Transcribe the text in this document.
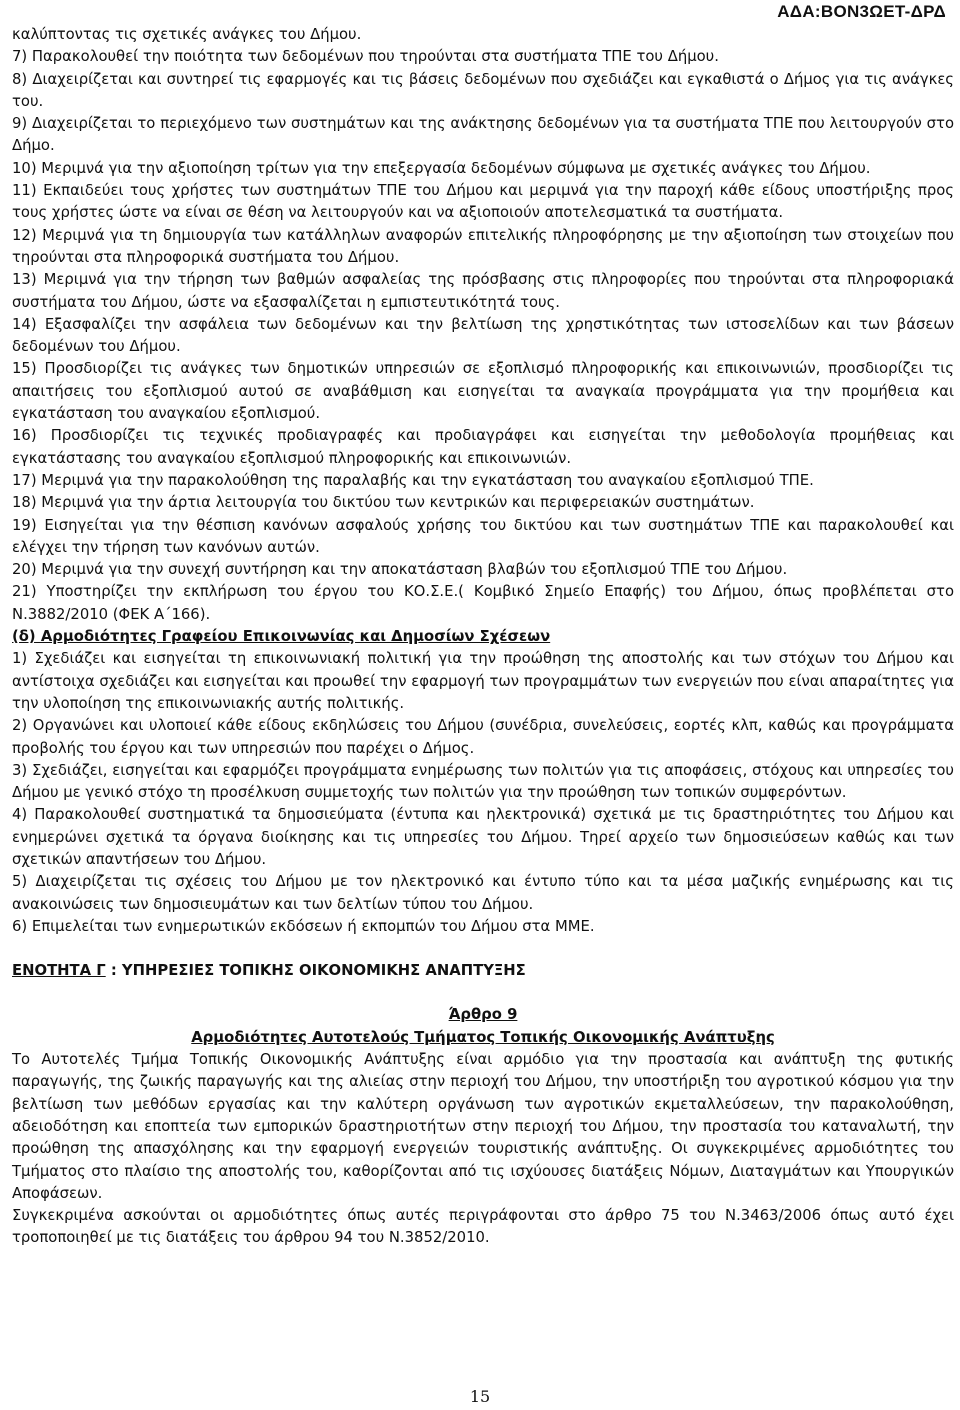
ΑΔΑ:ΒΟΝ3ΩΕΤ-ΔΡΔ
καλύπτοντας τις σχετικές ανάγκες του Δήμου.
7) Παρακολουθεί την ποιότητα των δεδομένων που τηρούνται στα συστήματα ΤΠΕ του Δήμου.
8) Διαχειρίζεται και συντηρεί τις εφαρμογές και τις βάσεις δεδομένων που σχεδιάζει και εγκαθιστά ο Δήμος για τις ανάγκες του.
9) Διαχειρίζεται το περιεχόμενο των συστημάτων και της ανάκτησης δεδομένων για τα συστήματα ΤΠΕ που λειτουργούν στο Δήμο.
10) Μεριμνά για την αξιοποίηση τρίτων για την επεξεργασία δεδομένων σύμφωνα με σχετικές ανάγκες του Δήμου.
11) Εκπαιδεύει τους χρήστες των συστημάτων ΤΠΕ του Δήμου και μεριμνά για την παροχή κάθε είδους υποστήριξης προς τους χρήστες ώστε να είναι σε θέση να λειτουργούν και να αξιοποιούν αποτελεσματικά τα συστήματα.
12) Μεριμνά για τη δημιουργία των κατάλληλων αναφορών επιτελικής πληροφόρησης με την αξιοποίηση των στοιχείων που τηρούνται στα πληροφορικά συστήματα του Δήμου.
13) Μεριμνά για την τήρηση των βαθμών ασφαλείας της πρόσβασης στις πληροφορίες που τηρούνται στα πληροφοριακά συστήματα του Δήμου, ώστε να εξασφαλίζεται η εμπιστευτικότητά τους.
14) Εξασφαλίζει την ασφάλεια των δεδομένων και την βελτίωση της χρηστικότητας των ιστοσελίδων και των βάσεων δεδομένων του Δήμου.
15) Προσδιορίζει τις ανάγκες των δημοτικών υπηρεσιών σε εξοπλισμό πληροφορικής και επικοινωνιών, προσδιορίζει τις απαιτήσεις του εξοπλισμού αυτού σε αναβάθμιση και εισηγείται τα αναγκαία προγράμματα για την προμήθεια και εγκατάσταση του αναγκαίου εξοπλισμού.
16) Προσδιορίζει τις τεχνικές προδιαγραφές και προδιαγράφει και εισηγείται την μεθοδολογία προμήθειας και εγκατάστασης του αναγκαίου εξοπλισμού πληροφορικής και επικοινωνιών.
17) Μεριμνά για την παρακολούθηση της παραλαβής και την εγκατάσταση του αναγκαίου εξοπλισμού ΤΠΕ.
18) Μεριμνά για την άρτια λειτουργία του δικτύου των κεντρικών και περιφερειακών συστημάτων.
19) Εισηγείται για την θέσπιση κανόνων ασφαλούς χρήσης του δικτύου και των συστημάτων ΤΠΕ και παρακολουθεί και ελέγχει την τήρηση των κανόνων αυτών.
20) Μεριμνά για την συνεχή συντήρηση και την αποκατάσταση βλαβών του εξοπλισμού ΤΠΕ του Δήμου.
21) Υποστηρίζει την εκπλήρωση του έργου του ΚΟ.Σ.Ε.( Κομβικό Σημείο Επαφής) του Δήμου, όπως προβλέπεται στο Ν.3882/2010 (ΦΕΚ Α΄166).
(δ) Αρμοδιότητες Γραφείου Επικοινωνίας και Δημοσίων Σχέσεων
1) Σχεδιάζει και εισηγείται τη επικοινωνιακή πολιτική για την προώθηση της αποστολής και των στόχων του Δήμου και αντίστοιχα σχεδιάζει και εισηγείται και προωθεί την εφαρμογή των προγραμμάτων των ενεργειών που είναι απαραίτητες για την υλοποίηση της επικοινωνιακής αυτής πολιτικής.
2) Οργανώνει και υλοποιεί κάθε είδους εκδηλώσεις του Δήμου (συνέδρια, συνελεύσεις, εορτές κλπ, καθώς και προγράμματα προβολής του έργου και των υπηρεσιών που παρέχει ο Δήμος.
3) Σχεδιάζει, εισηγείται και εφαρμόζει προγράμματα ενημέρωσης των πολιτών για τις αποφάσεις, στόχους και υπηρεσίες του Δήμου με γενικό στόχο τη προσέλκυση συμμετοχής των πολιτών για την προώθηση των τοπικών συμφερόντων.
4) Παρακολουθεί συστηματικά τα δημοσιεύματα (έντυπα και ηλεκτρονικά) σχετικά με τις δραστηριότητες του Δήμου και ενημερώνει σχετικά τα όργανα διοίκησης και τις υπηρεσίες του Δήμου. Τηρεί αρχείο των δημοσιεύσεων καθώς και των σχετικών απαντήσεων του Δήμου.
5) Διαχειρίζεται τις σχέσεις του Δήμου με τον ηλεκτρονικό και έντυπο τύπο και τα μέσα μαζικής ενημέρωσης και τις ανακοινώσεις των δημοσιευμάτων και των δελτίων τύπου του Δήμου.
6) Επιμελείται των ενημερωτικών εκδόσεων ή εκπομπών του Δήμου στα ΜΜΕ.
ΕΝΟΤΗΤΑ Γ : ΥΠΗΡΕΣΙΕΣ ΤΟΠΙΚΗΣ ΟΙΚΟΝΟΜΙΚΗΣ ΑΝΑΠΤΥΞΗΣ
Άρθρο 9
Αρμοδιότητες Αυτοτελούς Τμήματος Τοπικής Οικονομικής Ανάπτυξης
Το Αυτοτελές Τμήμα Τοπικής Οικονομικής Ανάπτυξης είναι αρμόδιο για την προστασία και ανάπτυξη της φυτικής παραγωγής, της ζωικής παραγωγής και της αλιείας στην περιοχή του Δήμου, την υποστήριξη του αγροτικού κόσμου για την βελτίωση των μεθόδων εργασίας και την καλύτερη οργάνωση των αγροτικών εκμεταλλεύσεων, την παρακολούθηση, αδειοδότηση και εποπτεία των εμπορικών δραστηριοτήτων στην περιοχή του Δήμου, την προστασία του καταναλωτή, την προώθηση της απασχόλησης και την εφαρμογή ενεργειών τουριστικής ανάπτυξης. Οι συγκεκριμένες αρμοδιότητες του Τμήματος στο πλαίσιο της αποστολής του, καθορίζονται από τις ισχύουσες διατάξεις Νόμων, Διαταγμάτων και Υπουργικών Αποφάσεων.
Συγκεκριμένα ασκούνται οι αρμοδιότητες όπως αυτές περιγράφονται στο άρθρο 75 του Ν.3463/2006 όπως αυτό έχει τροποποιηθεί με τις διατάξεις του άρθρου 94 του Ν.3852/2010.
15
